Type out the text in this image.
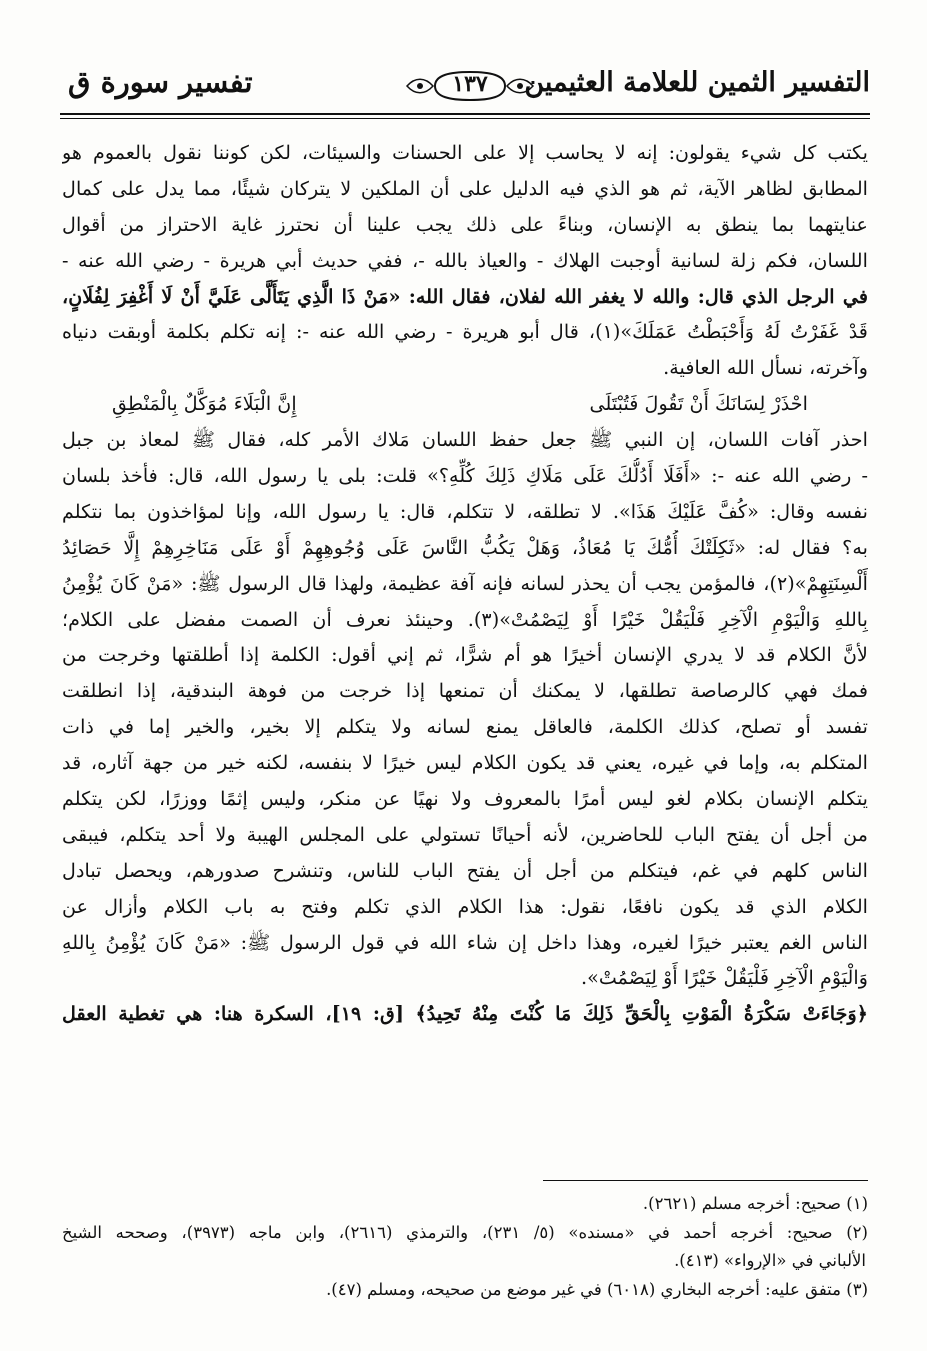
التفسير الثمين للعلامة العثيمين
١٣٧
تفسير سورة ق
يكتب كل شيء يقولون: إنه لا يحاسب إلا على الحسنات والسيئات، لكن كوننا نقول بالعموم هو
المطابق لظاهر الآية، ثم هو الذي فيه الدليل على أن الملكين لا يتركان شيئًا، مما يدل على كمال
عنايتهما بما ينطق به الإنسان، وبناءً على ذلك يجب علينا أن نحترز غاية الاحتراز من أقوال
اللسان، فكم زلة لسانية أوجبت الهلاك - والعياذ بالله -، ففي حديث أبي هريرة - رضي الله عنه -
في الرجل الذي قال: والله لا يغفر الله لفلان، فقال الله: «مَنْ ذَا الَّذِي يَتَأَلَّى عَلَيَّ أَنْ لَا أَغْفِرَ لِفُلَانٍ،
قَدْ غَفَرْتُ لَهُ وَأَحْبَطْتُ عَمَلَكَ»(١)، قال أبو هريرة - رضي الله عنه -: إنه تكلم بكلمة أوبقت دنياه
وآخرته، نسأل الله العافية.
احْذَرْ لِسَانَكَ أَنْ تَقُولَ فَتُبْتَلَى
إِنَّ الْبَلَاءَ مُوَكَّلٌ بِالْمَنْطِقِ
احذر آفات اللسان، إن النبي ﷺ جعل حفظ اللسان مَلاك الأمر كله، فقال ﷺ لمعاذ بن جبل
- رضي الله عنه -: «أَفَلَا أَدُلُّكَ عَلَى مَلَاكِ ذَلِكَ كُلِّهِ؟» قلت: بلى يا رسول الله، قال: فأخذ بلسان
نفسه وقال: «كُفَّ عَلَيْكَ هَذَا». لا تطلقه، لا تتكلم، قال: يا رسول الله، وإنا لمؤاخذون بما نتكلم
به؟ فقال له: «ثَكِلَتْكَ أُمُّكَ يَا مُعَاذُ، وَهَلْ يَكُبُّ النَّاسَ عَلَى وُجُوهِهِمْ أَوْ عَلَى مَنَاخِرِهِمْ إِلَّا حَصَائِدُ
أَلْسِنَتِهِمْ»(٢)، فالمؤمن يجب أن يحذر لسانه فإنه آفة عظيمة، ولهذا قال الرسول ﷺ: «مَنْ كَانَ يُؤْمِنُ
بِاللهِ وَالْيَوْمِ الْآخِرِ فَلْيَقُلْ خَيْرًا أَوْ لِيَصْمُتْ»(٣). وحينئذ نعرف أن الصمت مفضل على الكلام؛
لأنَّ الكلام قد لا يدري الإنسان أخيرًا هو أم شرًّا، ثم إني أقول: الكلمة إذا أطلقتها وخرجت من
فمك فهي كالرصاصة تطلقها، لا يمكنك أن تمنعها إذا خرجت من فوهة البندقية، إذا انطلقت
تفسد أو تصلح، كذلك الكلمة، فالعاقل يمنع لسانه ولا يتكلم إلا بخير، والخير إما في ذات
المتكلم به، وإما في غيره، يعني قد يكون الكلام ليس خيرًا لا بنفسه، لكنه خير من جهة آثاره، قد
يتكلم الإنسان بكلام لغو ليس أمرًا بالمعروف ولا نهيًا عن منكر، وليس إثمًا ووزرًا، لكن يتكلم
من أجل أن يفتح الباب للحاضرين، لأنه أحيانًا تستولي على المجلس الهيبة ولا أحد يتكلم، فيبقى
الناس كلهم في غم، فيتكلم من أجل أن يفتح الباب للناس، وتنشرح صدورهم، ويحصل تبادل
الكلام الذي قد يكون نافعًا، نقول: هذا الكلام الذي تكلم وفتح به باب الكلام وأزال عن
الناس الغم يعتبر خيرًا لغيره، وهذا داخل إن شاء الله في قول الرسول ﷺ: «مَنْ كَانَ يُؤْمِنُ بِاللهِ
وَالْيَوْمِ الْآخِرِ فَلْيَقُلْ خَيْرًا أَوْ لِيَصْمُتْ».
﴿وَجَاءَتْ سَكْرَةُ الْمَوْتِ بِالْحَقِّ ذَلِكَ مَا كُنْتَ مِنْهُ تَحِيدُ﴾ [ق: ١٩]، السكرة هنا: هي تغطية العقل
(١) صحيح: أخرجه مسلم (٢٦٢١).
(٢) صحيح: أخرجه أحمد في «مسنده» (٥/ ٢٣١)، والترمذي (٢٦١٦)، وابن ماجه (٣٩٧٣)، وصححه الشيخ
الألباني في «الإرواء» (٤١٣).
(٣) متفق عليه: أخرجه البخاري (٦٠١٨) في غير موضع من صحيحه، ومسلم (٤٧).
